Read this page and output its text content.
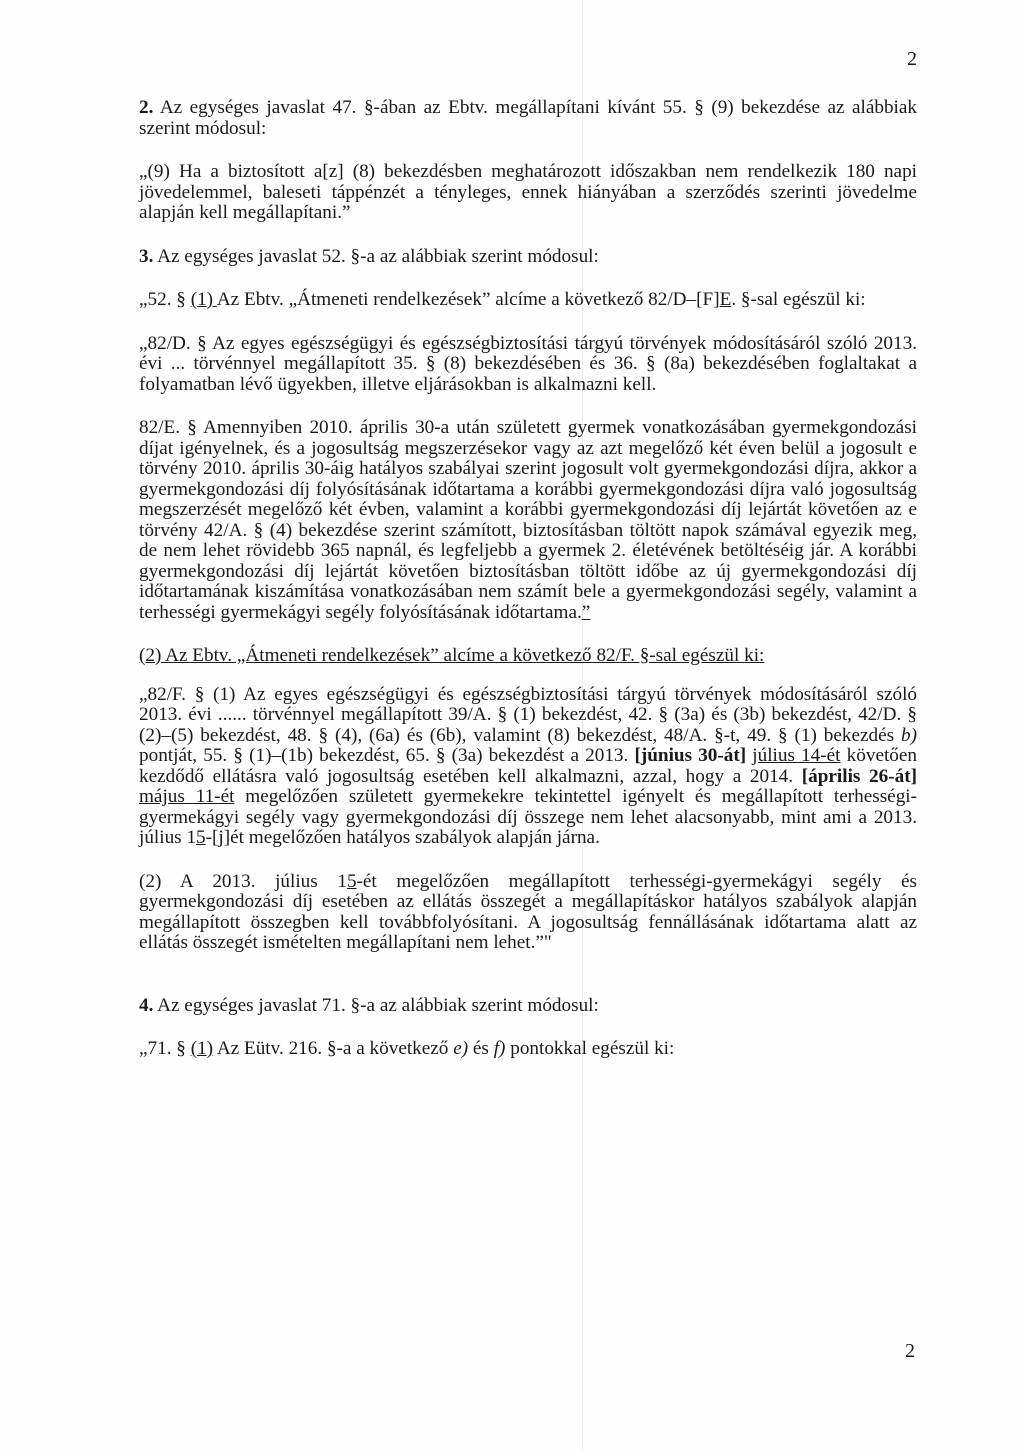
2

2. Az egységes javaslat 47. §-ában az Ebtv. megállapítani kívánt 55. § (9) bekezdése az alábbiak szerint módosul:

„(9) Ha a biztosított a[z] (8) bekezdésben meghatározott időszakban nem rendelkezik 180 napi jövedelemmel, baleseti táppénzét a tényleges, ennek hiányában a szerződés szerinti jövedelme alapján kell megállapítani.”

3. Az egységes javaslat 52. §-a az alábbiak szerint módosul:

„52. § (1) Az Ebtv. „Átmeneti rendelkezések” alcíme a következő 82/D–[F]E. §-sal egészül ki:

„82/D. § Az egyes egészségügyi és egészségbiztosítási tárgyú törvények módosításáról szóló 2013. évi ... törvénnyel megállapított 35. § (8) bekezdésében és 36. § (8a) bekezdésében foglaltakat a folyamatban lévő ügyekben, illetve eljárásokban is alkalmazni kell.

82/E. § Amennyiben 2010. április 30-a után született gyermek vonatkozásában gyermekgondozási díjat igényelnek, és a jogosultság megszerzésekor vagy az azt megelőző két éven belül a jogosult e törvény 2010. április 30-áig hatályos szabályai szerint jogosult volt gyermekgondozási díjra, akkor a gyermekgondozási díj folyósításának időtartama a korábbi gyermekgondozási díjra való jogosultság megszerzését megelőző két évben, valamint a korábbi gyermekgondozási díj lejártát követően az e törvény 42/A. § (4) bekezdése szerint számított, biztosításban töltött napok számával egyezik meg, de nem lehet rövidebb 365 napnál, és legfeljebb a gyermek 2. életévének betöltéséig jár. A korábbi gyermekgondozási díj lejártát követően biztosításban töltött időbe az új gyermekgondozási díj időtartamának kiszámítása vonatkozásában nem számít bele a gyermekgondozási segély, valamint a terhességi gyermekágyi segély folyósításának időtartama.”

(2) Az Ebtv. „Átmeneti rendelkezések” alcíme a következő 82/F. §-sal egészül ki:

„82/F. § (1) Az egyes egészségügyi és egészségbiztosítási tárgyú törvények módosításáról szóló 2013. évi ...... törvénnyel megállapított 39/A. § (1) bekezdést, 42. § (3a) és (3b) bekezdést, 42/D. § (2)–(5) bekezdést, 48. § (4), (6a) és (6b), valamint (8) bekezdést, 48/A. §-t, 49. § (1) bekezdés b) pontját, 55. § (1)–(1b) bekezdést, 65. § (3a) bekezdést a 2013. [június 30-át] július 14-ét követően kezdődő ellátásra való jogosultság esetében kell alkalmazni, azzal, hogy a 2014. [április 26-át] május 11-ét megelőzően született gyermekekre tekintettel igényelt és megállapított terhességi-gyermekágyi segély vagy gyermekgondozási díj összege nem lehet alacsonyabb, mint ami a 2013. július 15-[j]ét megelőzően hatályos szabályok alapján járna.

(2) A 2013. július 15-ét megelőzően megállapított terhességi-gyermekágyi segély és gyermekgondozási díj esetében az ellátás összegét a megállapításkor hatályos szabályok alapján megállapított összegben kell továbbfolyósítani. A jogosultság fennállásának időtartama alatt az ellátás összegét ismételten megállapítani nem lehet.”"

4. Az egységes javaslat 71. §-a az alábbiak szerint módosul:

„71. § (1) Az Eütv. 216. §-a a következő e) és f) pontokkal egészül ki:

2
